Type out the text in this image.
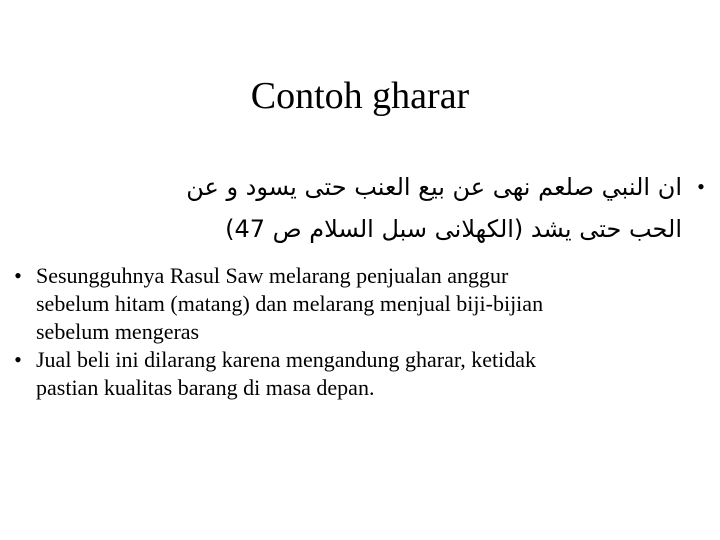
Contoh gharar
•
ان النبي صلعم نهى عن بيع العنب حتى يسود و عن
الحب حتى يشد (الكهلانى سبل السلام ص 47)
• Sesungguhnya Rasul Saw melarang penjualan anggur
sebelum hitam (matang) dan melarang menjual biji-bijian
sebelum mengeras
• Jual beli ini dilarang karena mengandung gharar, ketidak
pastian kualitas barang di masa depan.
